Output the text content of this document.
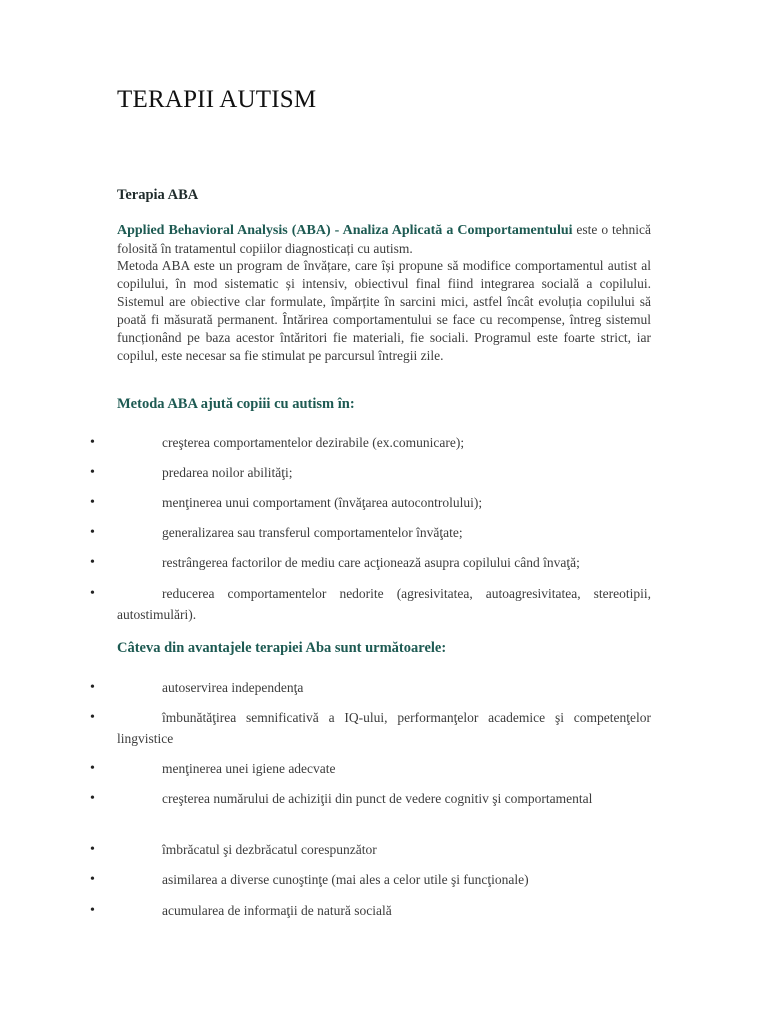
TERAPII AUTISM
Terapia ABA

Applied Behavioral Analysis (ABA) - Analiza Aplicată a Comportamentului este o tehnică folosită în tratamentul copiilor diagnosticați cu autism.

Metoda ABA este un program de învățare, care își propune să modifice comportamentul autist al copilului, în mod sistematic și intensiv, obiectivul final fiind integrarea socială a copilului. Sistemul are obiective clar formulate, împărțite în sarcini mici, astfel încât evoluția copilului să poată fi măsurată permanent. Întărirea comportamentului se face cu recompense, întreg sistemul funcționând pe baza acestor întăritori fie materiali, fie sociali. Programul este foarte strict, iar copilul, este necesar sa fie stimulat pe parcursul întregii zile.

Metoda ABA ajută copiii cu autism în:
•	creşterea comportamentelor dezirabile (ex.comunicare);
•	predarea noilor abilităţi;
•	menţinerea unui comportament (învăţarea autocontrolului);
•	generalizarea sau transferul comportamentelor învăţate;
•	restrângerea factorilor de mediu care acţionează asupra copilului când învaţă;
•	reducerea comportamentelor nedorite (agresivitatea, autoagresivitatea, stereotipii, autostimulări).
Câteva din avantajele terapiei Aba sunt următoarele:
•	autoservirea independenţa
•	îmbunătăţirea semnificativă a IQ-ului, performanţelor academice şi competenţelor lingvistice
•	menţinerea unei igiene adecvate
•	creşterea numărului de achiziţii din punct de vedere cognitiv şi comportamental
•	îmbrăcatul şi dezbrăcatul corespunzător
•	asimilarea a diverse cunoştinţe (mai ales a celor utile şi funcţionale)
•	acumularea de informaţii de natură socială
